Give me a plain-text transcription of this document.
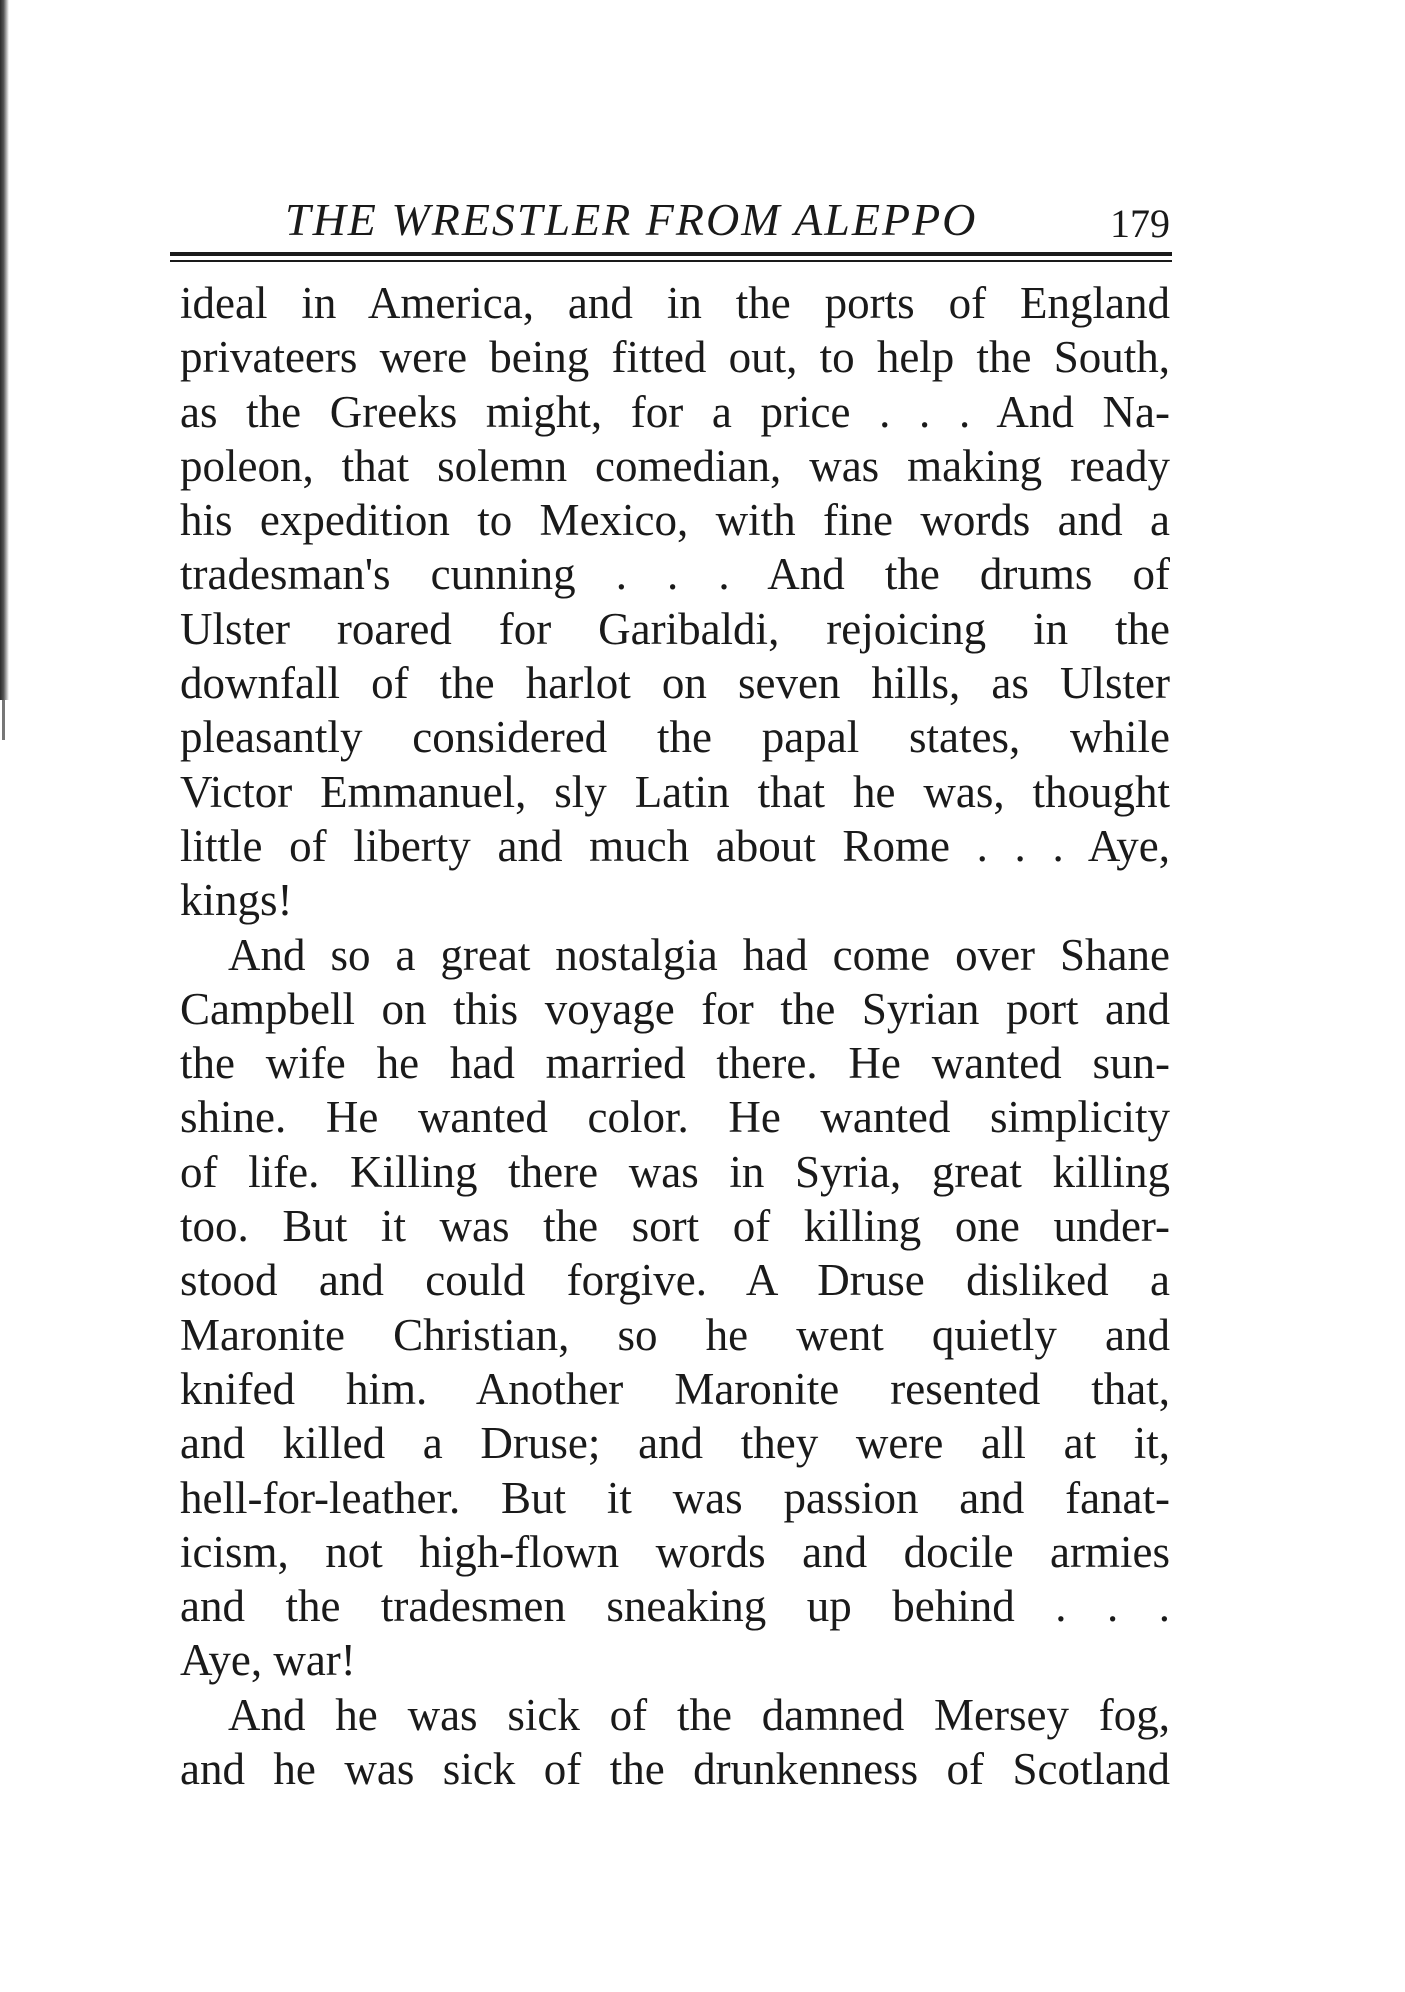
THE WRESTLER FROM ALEPPO	179
ideal in America, and in the ports of England
privateers were being fitted out, to help the South,
as the Greeks might, for a price . . . And Na-
poleon, that solemn comedian, was making ready
his expedition to Mexico, with fine words and a
tradesman's cunning . . . And the drums of
Ulster roared for Garibaldi, rejoicing in the
downfall of the harlot on seven hills, as Ulster
pleasantly considered the papal states, while
Victor Emmanuel, sly Latin that he was, thought
little of liberty and much about Rome . . . Aye,
kings!
And so a great nostalgia had come over Shane
Campbell on this voyage for the Syrian port and
the wife he had married there. He wanted sun-
shine. He wanted color. He wanted simplicity
of life. Killing there was in Syria, great killing
too. But it was the sort of killing one under-
stood and could forgive. A Druse disliked a
Maronite Christian, so he went quietly and
knifed him. Another Maronite resented that,
and killed a Druse; and they were all at it,
hell-for-leather. But it was passion and fanat-
icism, not high-flown words and docile armies
and the tradesmen sneaking up behind . . .
Aye, war!
And he was sick of the damned Mersey fog,
and he was sick of the drunkenness of Scotland
